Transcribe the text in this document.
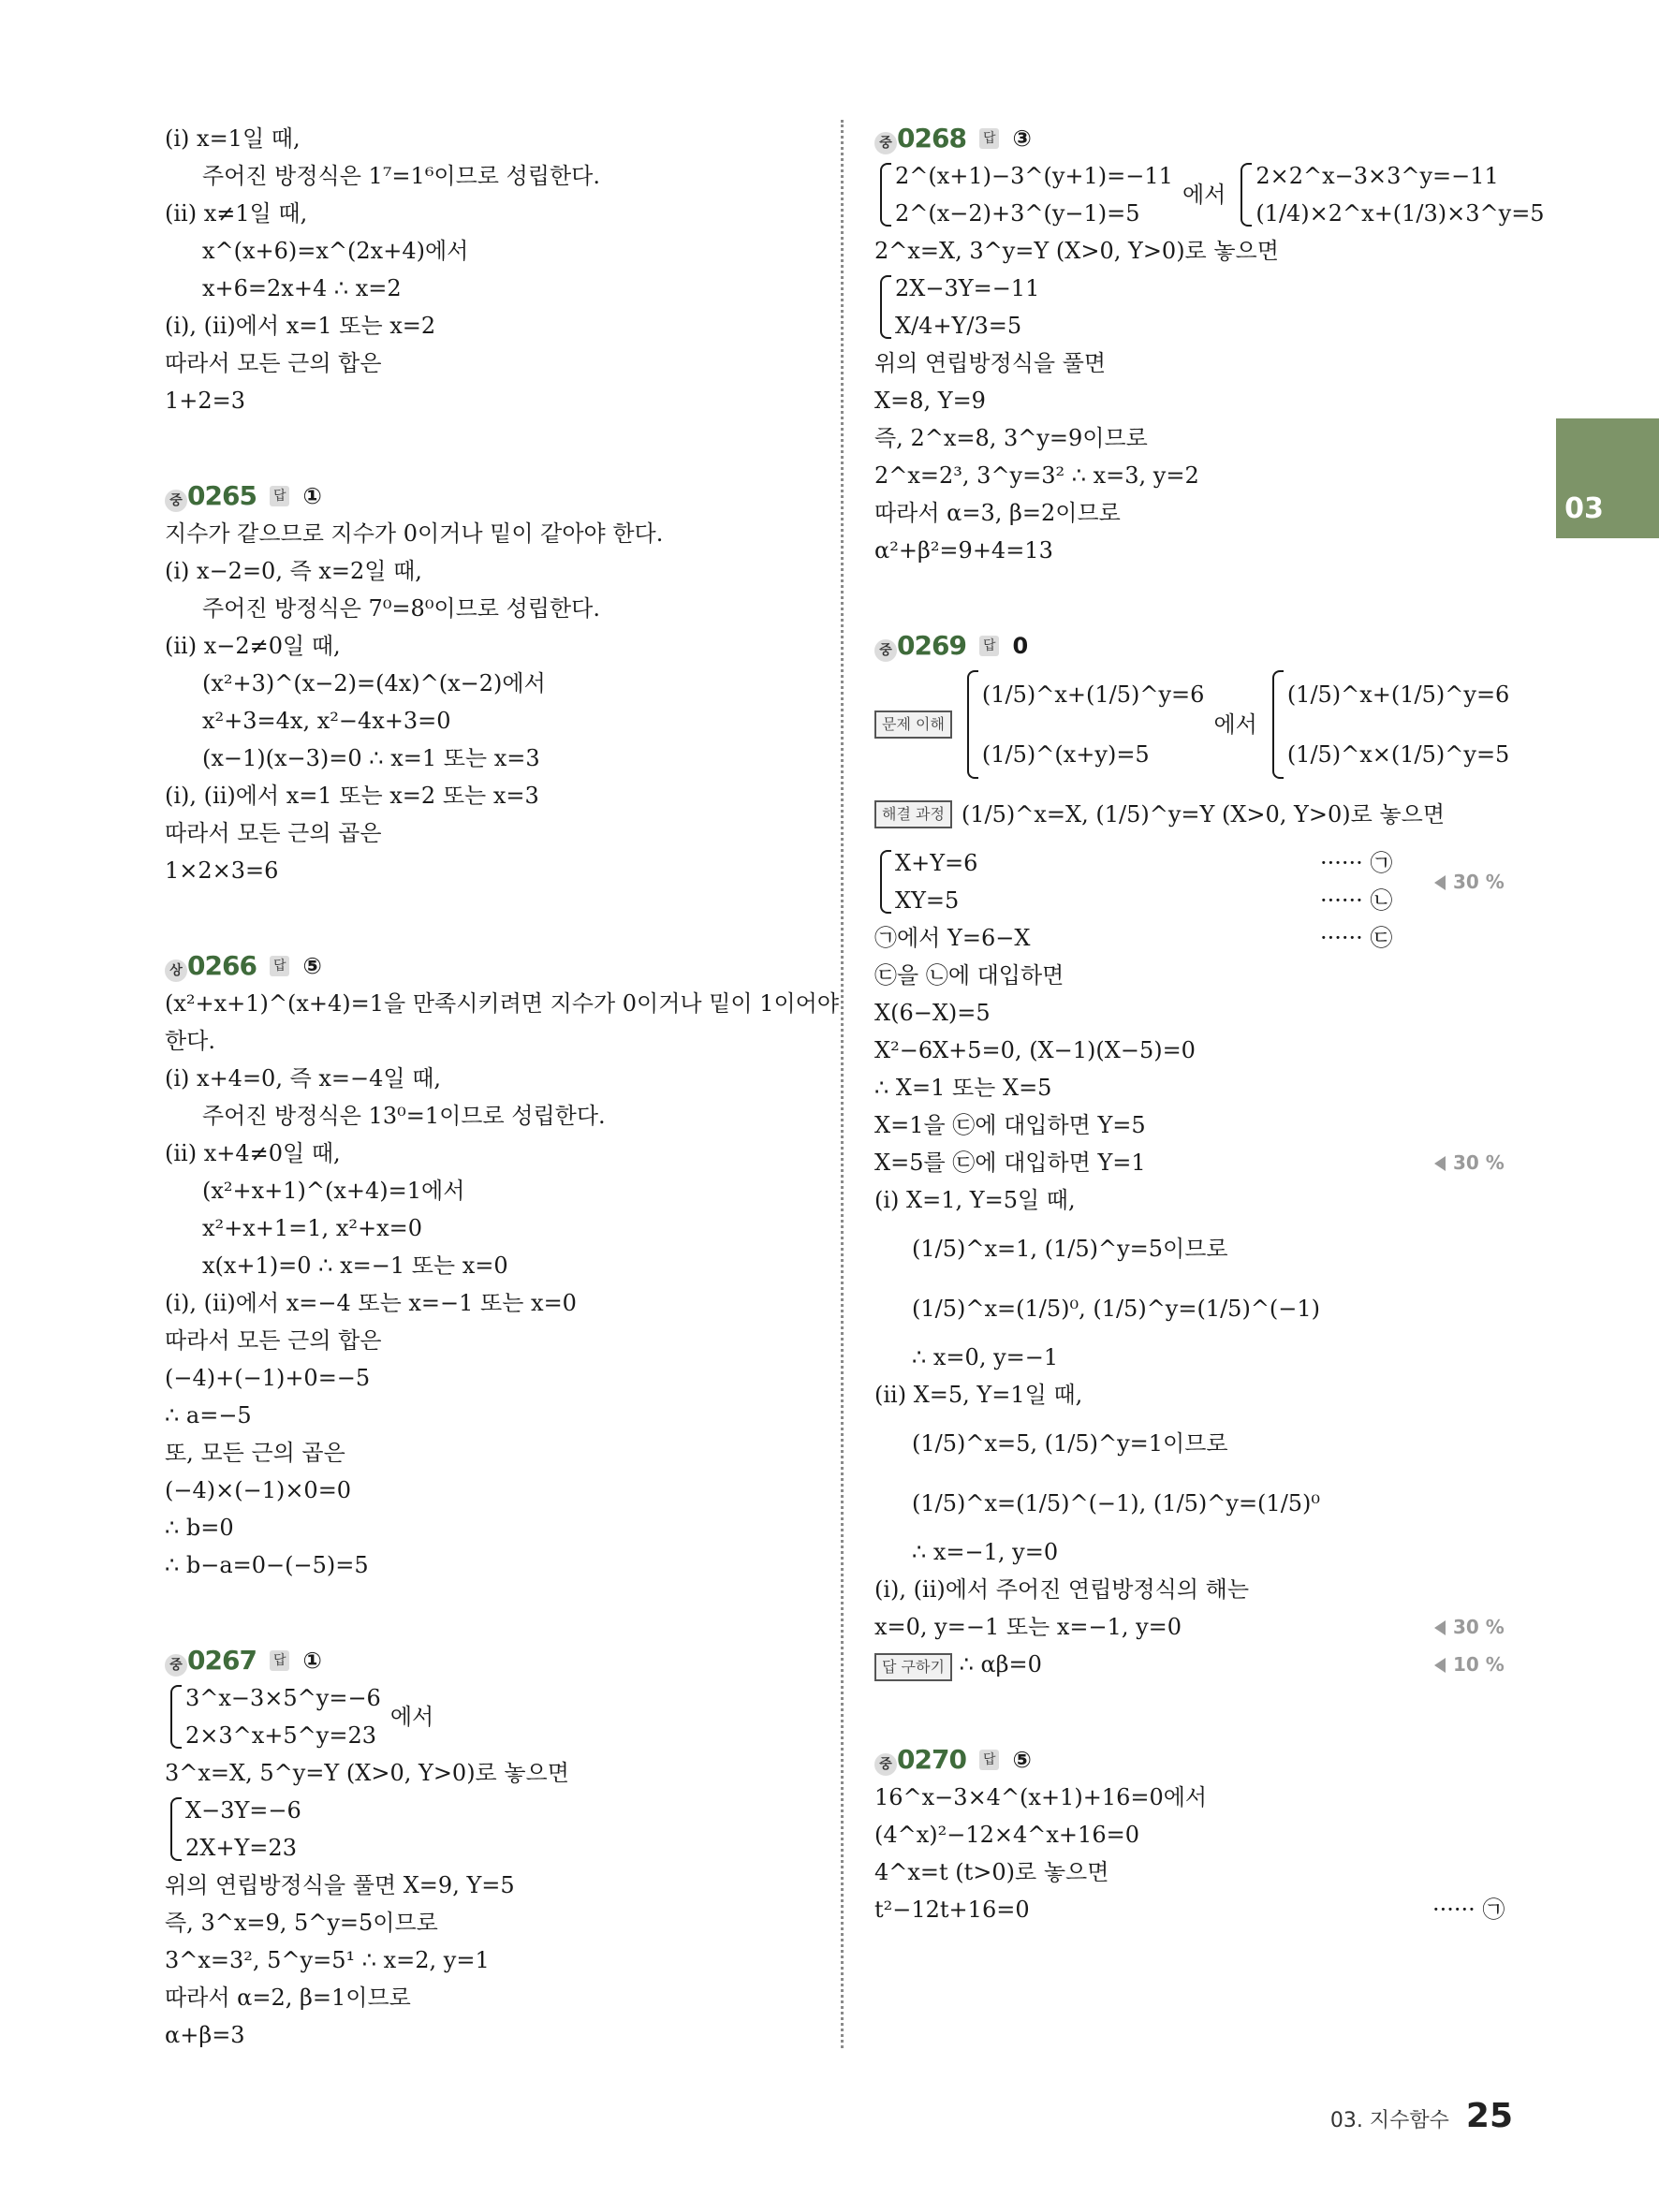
03
(i) x=1일 때,
주어진 방정식은 1⁷=1⁶이므로 성립한다.
(ii) x≠1일 때,
x^(x+6)=x^(2x+4)에서
x+6=2x+4 ∴ x=2
(i), (ii)에서 x=1 또는 x=2
따라서 모든 근의 합은
1+2=3
중 0265 답 ①
지수가 같으므로 지수가 0이거나 밑이 같아야 한다.
(i) x−2=0, 즉 x=2일 때,
주어진 방정식은 7⁰=8⁰이므로 성립한다.
(ii) x−2≠0일 때,
(x²+3)^(x−2)=(4x)^(x−2)에서
x²+3=4x, x²−4x+3=0
(x−1)(x−3)=0 ∴ x=1 또는 x=3
(i), (ii)에서 x=1 또는 x=2 또는 x=3
따라서 모든 근의 곱은
1×2×3=6
상 0266 답 ⑤
(x²+x+1)^(x+4)=1을 만족시키려면 지수가 0이거나 밑이 1이어야
한다.
(i) x+4=0, 즉 x=−4일 때,
주어진 방정식은 13⁰=1이므로 성립한다.
(ii) x+4≠0일 때,
(x²+x+1)^(x+4)=1에서
x²+x+1=1, x²+x=0
x(x+1)=0 ∴ x=−1 또는 x=0
(i), (ii)에서 x=−4 또는 x=−1 또는 x=0
따라서 모든 근의 합은
(−4)+(−1)+0=−5
∴ a=−5
또, 모든 근의 곱은
(−4)×(−1)×0=0
∴ b=0
∴ b−a=0−(−5)=5
중 0267 답 ①
3^x−3×5^y=−6
2×3^x+5^y=23
에서
3^x=X, 5^y=Y (X>0, Y>0)로 놓으면
X−3Y=−6
2X+Y=23
위의 연립방정식을 풀면 X=9, Y=5
즉, 3^x=9, 5^y=5이므로
3^x=3², 5^y=5¹ ∴ x=2, y=1
따라서 α=2, β=1이므로
α+β=3
중 0268 답 ③
2^(x+1)−3^(y+1)=−11
2^(x−2)+3^(y−1)=5
에서
2×2^x−3×3^y=−11
(1/4)×2^x+(1/3)×3^y=5
2^x=X, 3^y=Y (X>0, Y>0)로 놓으면
2X−3Y=−11
X/4+Y/3=5
위의 연립방정식을 풀면
X=8, Y=9
즉, 2^x=8, 3^y=9이므로
2^x=2³, 3^y=3² ∴ x=3, y=2
따라서 α=3, β=2이므로
α²+β²=9+4=13
중 0269 답 0
문제 이해
(1/5)^x+(1/5)^y=6
(1/5)^(x+y)=5
에서
(1/5)^x+(1/5)^y=6
(1/5)^x×(1/5)^y=5
해결 과정 (1/5)^x=X, (1/5)^y=Y (X>0, Y>0)로 놓으면
X+Y=6
XY=5
······ ㉠
······ ㉡
30 %
㉠에서 Y=6−X	······ ㉢
㉢을 ㉡에 대입하면
X(6−X)=5
X²−6X+5=0, (X−1)(X−5)=0
∴ X=1 또는 X=5
X=1을 ㉢에 대입하면 Y=5
X=5를 ㉢에 대입하면 Y=1	30 %
(i) X=1, Y=5일 때,
(1/5)^x=1, (1/5)^y=5이므로
(1/5)^x=(1/5)⁰, (1/5)^y=(1/5)^(−1)
∴ x=0, y=−1
(ii) X=5, Y=1일 때,
(1/5)^x=5, (1/5)^y=1이므로
(1/5)^x=(1/5)^(−1), (1/5)^y=(1/5)⁰
∴ x=−1, y=0
(i), (ii)에서 주어진 연립방정식의 해는
x=0, y=−1 또는 x=−1, y=0	30 %
답 구하기 ∴ αβ=0	10 %
중 0270 답 ⑤
16^x−3×4^(x+1)+16=0에서
(4^x)²−12×4^x+16=0
4^x=t (t>0)로 놓으면
t²−12t+16=0	······ ㉠
03. 지수함수 25
